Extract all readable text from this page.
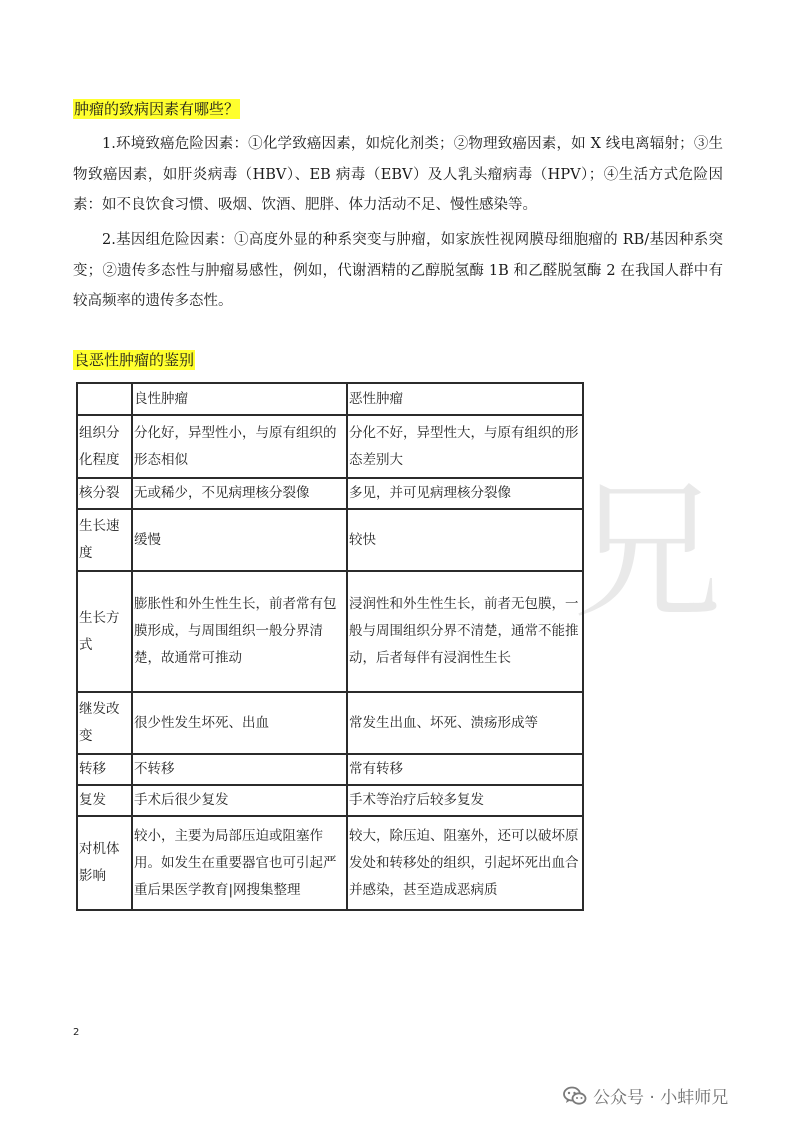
兄
肿瘤的致病因素有哪些？

1.环境致癌危险因素：①化学致癌因素，如烷化剂类；②物理致癌因素，如 X 线电离辐射；③生物致癌因素，如肝炎病毒（HBV）、EB 病毒（EBV）及人乳头瘤病毒（HPV）；④生活方式危险因素：如不良饮食习惯、吸烟、饮酒、肥胖、体力活动不足、慢性感染等。

2.基因组危险因素：①高度外显的种系突变与肿瘤，如家族性视网膜母细胞瘤的 RB/基因种系突变；②遗传多态性与肿瘤易感性，例如，代谢酒精的乙醇脱氢酶 1B 和乙醛脱氢酶 2 在我国人群中有较高频率的遗传多态性。

良恶性肿瘤的鉴别
	良性肿瘤	恶性肿瘤
组织分化程度	分化好，异型性小，与原有组织的形态相似	分化不好，异型性大，与原有组织的形态差别大
核分裂	无或稀少，不见病理核分裂像	多见，并可见病理核分裂像
生长速度	缓慢	较快
生长方式	膨胀性和外生性生长，前者常有包膜形成，与周围组织一般分界清楚，故通常可推动	浸润性和外生性生长，前者无包膜，一般与周围组织分界不清楚，通常不能推动，后者每伴有浸润性生长
继发改变	很少性发生坏死、出血	常发生出血、坏死、溃疡形成等
转移	不转移	常有转移
复发	手术后很少复发	手术等治疗后较多复发
对机体影响	较小，主要为局部压迫或阻塞作用。如发生在重要器官也可引起严重后果医学教育|网搜集整理	较大，除压迫、阻塞外，还可以破坏原发处和转移处的组织，引起坏死出血合并感染，甚至造成恶病质
2
公众号 · 小蚌师兄
